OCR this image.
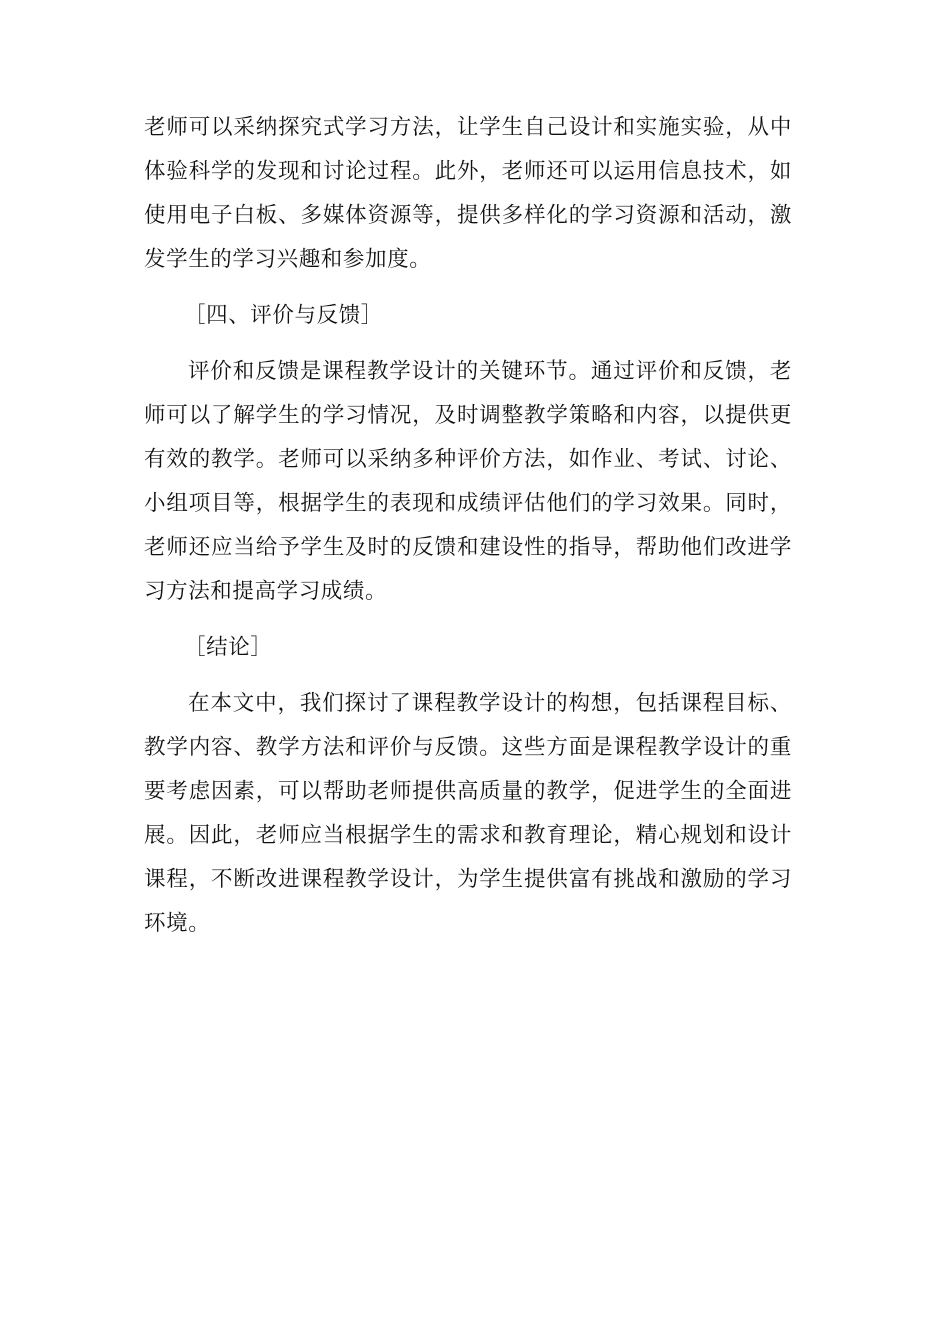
老师可以采纳探究式学习方法，让学生自己设计和实施实验，从中体验科学的发现和讨论过程。此外，老师还可以运用信息技术，如使用电子白板、多媒体资源等，提供多样化的学习资源和活动，激发学生的学习兴趣和参加度。

［四、评价与反馈］

评价和反馈是课程教学设计的关键环节。通过评价和反馈，老师可以了解学生的学习情况，及时调整教学策略和内容，以提供更有效的教学。老师可以采纳多种评价方法，如作业、考试、讨论、小组项目等，根据学生的表现和成绩评估他们的学习效果。同时，老师还应当给予学生及时的反馈和建设性的指导，帮助他们改进学习方法和提高学习成绩。

［结论］

在本文中，我们探讨了课程教学设计的构想，包括课程目标、教学内容、教学方法和评价与反馈。这些方面是课程教学设计的重要考虑因素，可以帮助老师提供高质量的教学，促进学生的全面进展。因此，老师应当根据学生的需求和教育理论，精心规划和设计课程，不断改进课程教学设计，为学生提供富有挑战和激励的学习环境。
